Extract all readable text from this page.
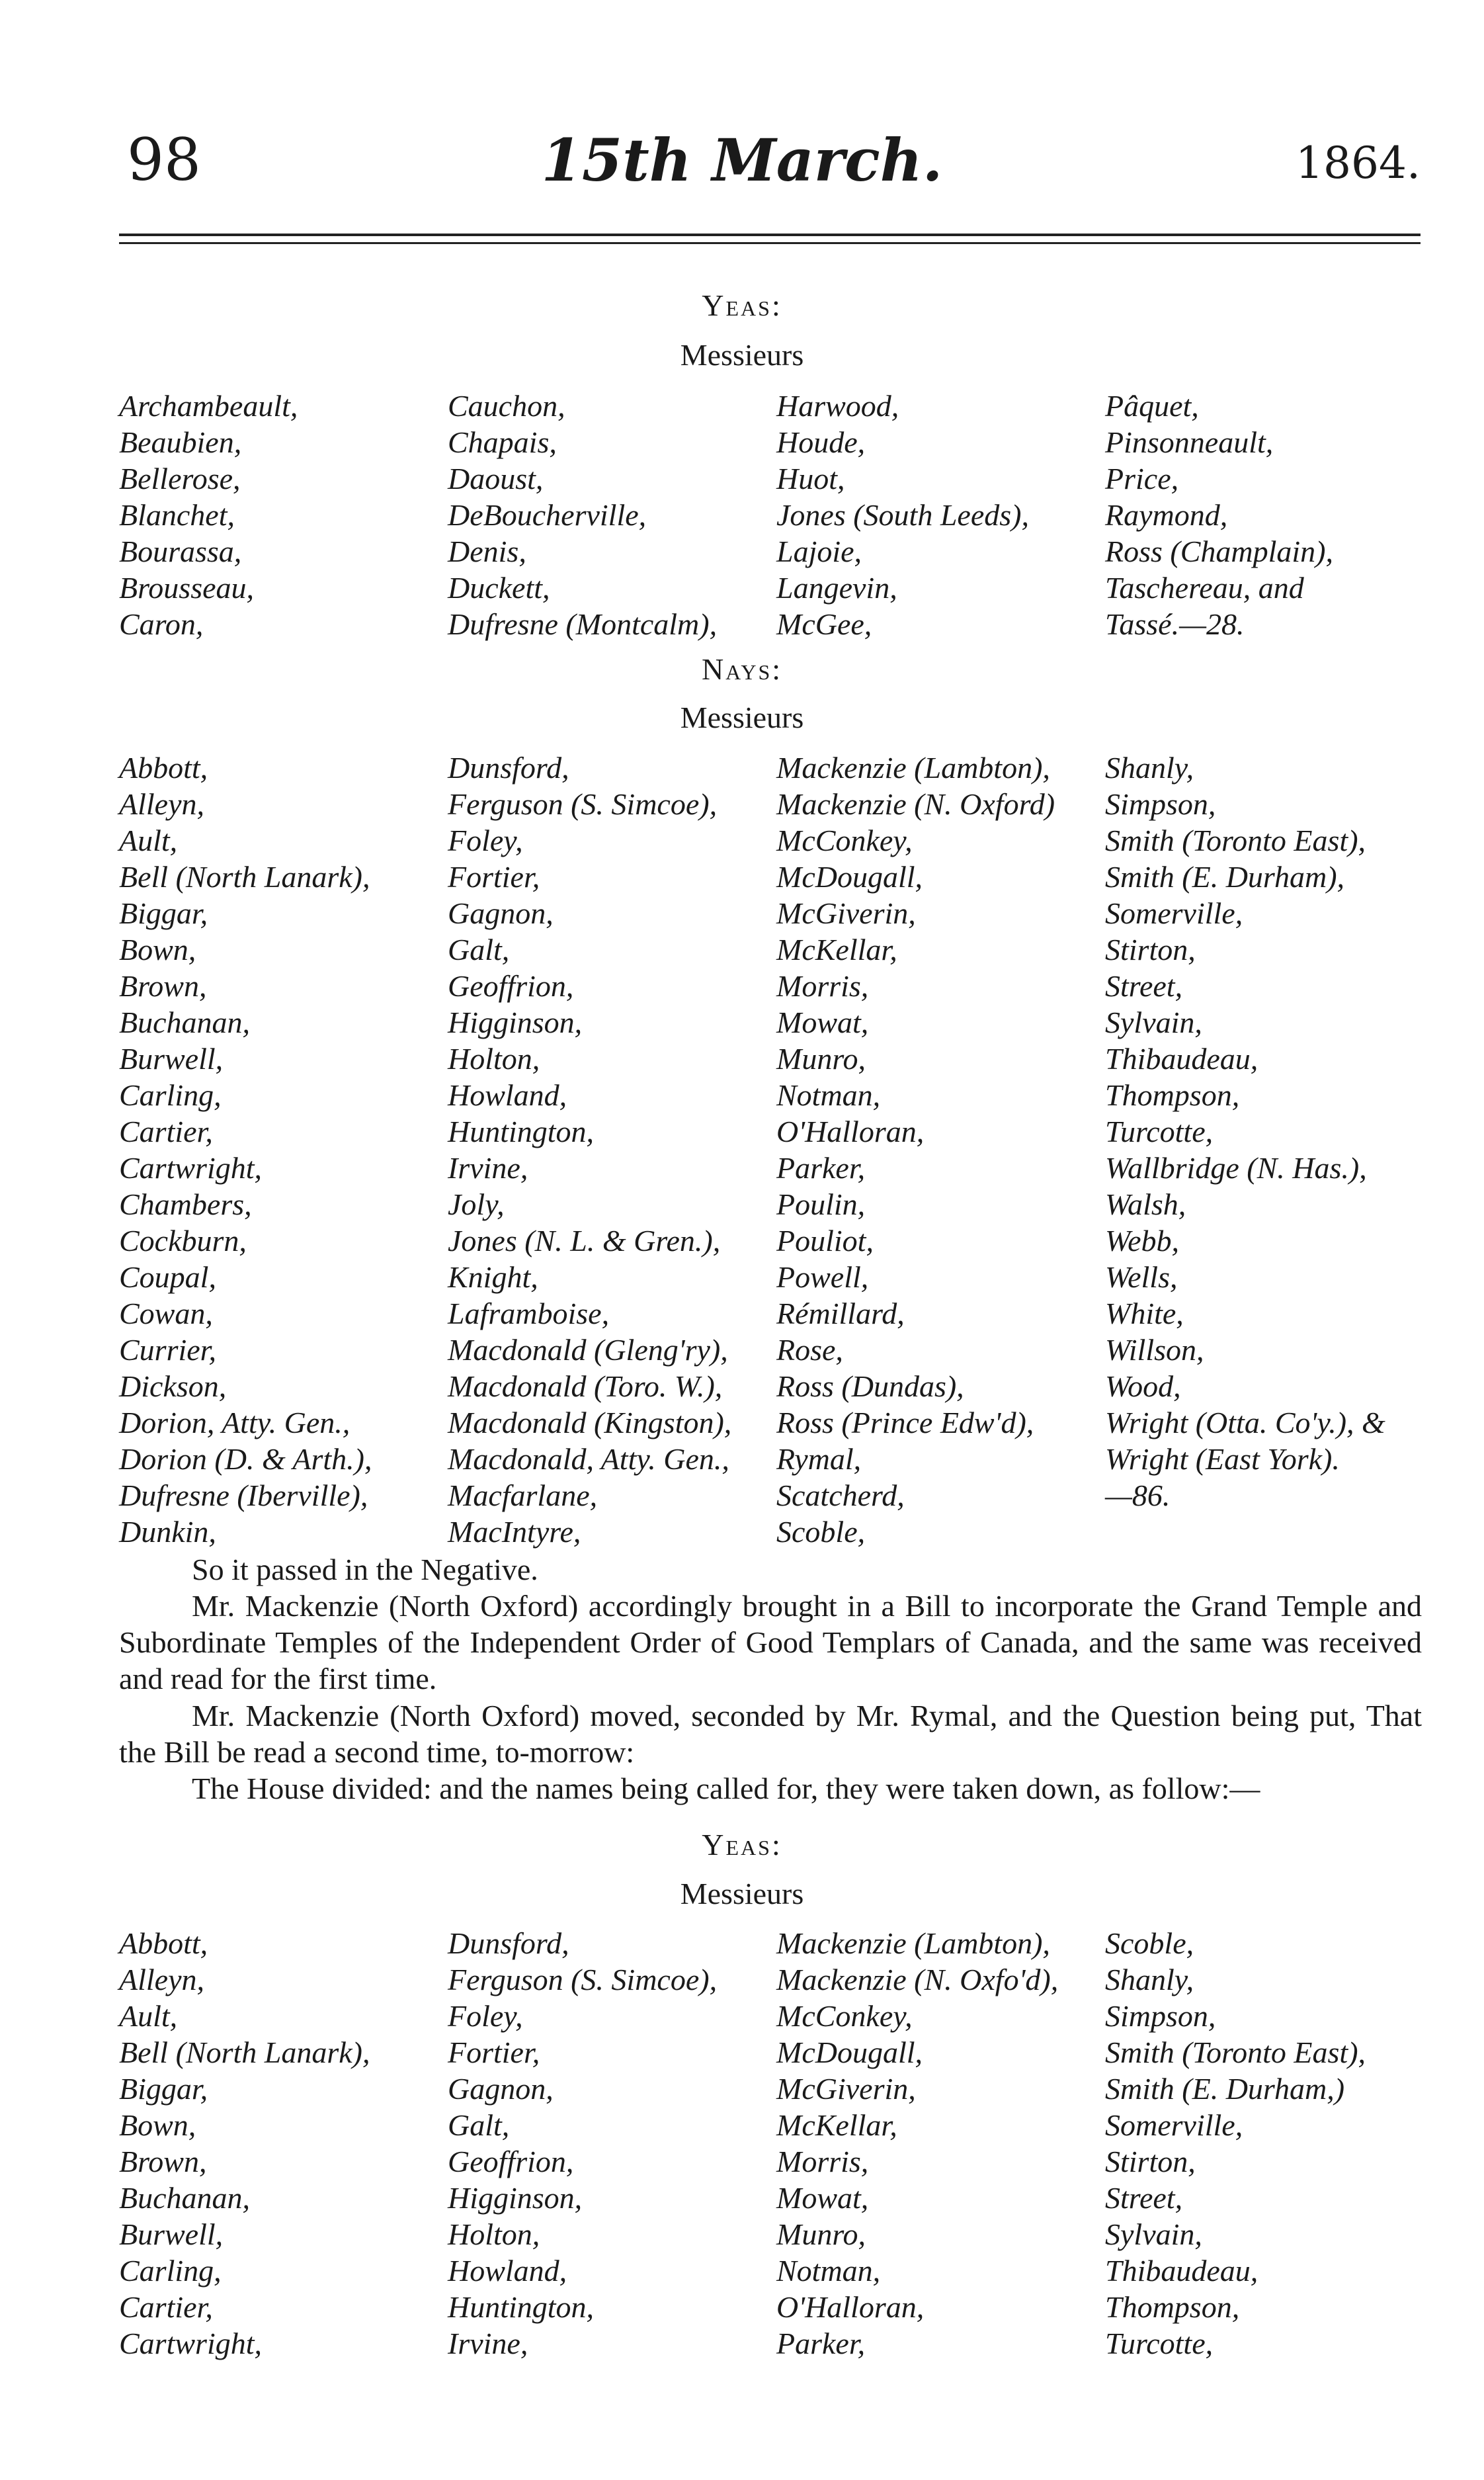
98	15th March.	1864.
Yeas:
Messieurs
Archambeault,	Cauchon,	Harwood,	Pâquet,
Beaubien,	Chapais,	Houde,	Pinsonneault,
Bellerose,	Daoust,	Huot,	Price,
Blanchet,	DeBoucherville,	Jones (South Leeds),	Raymond,
Bourassa,	Denis,	Lajoie,	Ross (Champlain),
Brousseau,	Duckett,	Langevin,	Taschereau, and
Caron,	Dufresne (Montcalm),	McGee,	Tassé.—28.
Nays:
Messieurs
Abbott,	Dunsford,	Mackenzie (Lambton),	Shanly,
Alleyn,	Ferguson (S. Simcoe),	Mackenzie (N. Oxford)	Simpson,
Ault,	Foley,	McConkey,	Smith (Toronto East),
Bell (North Lanark),	Fortier,	McDougall,	Smith (E. Durham),
Biggar,	Gagnon,	McGiverin,	Somerville,
Bown,	Galt,	McKellar,	Stirton,
Brown,	Geoffrion,	Morris,	Street,
Buchanan,	Higginson,	Mowat,	Sylvain,
Burwell,	Holton,	Munro,	Thibaudeau,
Carling,	Howland,	Notman,	Thompson,
Cartier,	Huntington,	O'Halloran,	Turcotte,
Cartwright,	Irvine,	Parker,	Wallbridge (N. Has.),
Chambers,	Joly,	Poulin,	Walsh,
Cockburn,	Jones (N. L. & Gren.),	Pouliot,	Webb,
Coupal,	Knight,	Powell,	Wells,
Cowan,	Laframboise,	Rémillard,	White,
Currier,	Macdonald (Gleng'ry),	Rose,	Willson,
Dickson,	Macdonald (Toro. W.),	Ross (Dundas),	Wood,
Dorion, Atty. Gen.,	Macdonald (Kingston),	Ross (Prince Edw'd),	Wright (Otta. Co'y.), &
Dorion (D. & Arth.),	Macdonald, Atty. Gen.,	Rymal,	Wright (East York).
Dufresne (Iberville),	Macfarlane,	Scatcherd,	—86.
Dunkin,	MacIntyre,	Scoble,
So it passed in the Negative.
Mr. Mackenzie (North Oxford) accordingly brought in a Bill to incorporate the Grand Temple and Subordinate Temples of the Independent Order of Good Templars of Canada, and the same was received and read for the first time.
Mr. Mackenzie (North Oxford) moved, seconded by Mr. Rymal, and the Question being put, That the Bill be read a second time, to-morrow:
The House divided: and the names being called for, they were taken down, as follow:—
Yeas:
Messieurs
Abbott,	Dunsford,	Mackenzie (Lambton),	Scoble,
Alleyn,	Ferguson (S. Simcoe),	Mackenzie (N. Oxfo'd),	Shanly,
Ault,	Foley,	McConkey,	Simpson,
Bell (North Lanark),	Fortier,	McDougall,	Smith (Toronto East),
Biggar,	Gagnon,	McGiverin,	Smith (E. Durham,)
Bown,	Galt,	McKellar,	Somerville,
Brown,	Geoffrion,	Morris,	Stirton,
Buchanan,	Higginson,	Mowat,	Street,
Burwell,	Holton,	Munro,	Sylvain,
Carling,	Howland,	Notman,	Thibaudeau,
Cartier,	Huntington,	O'Halloran,	Thompson,
Cartwright,	Irvine,	Parker,	Turcotte,
